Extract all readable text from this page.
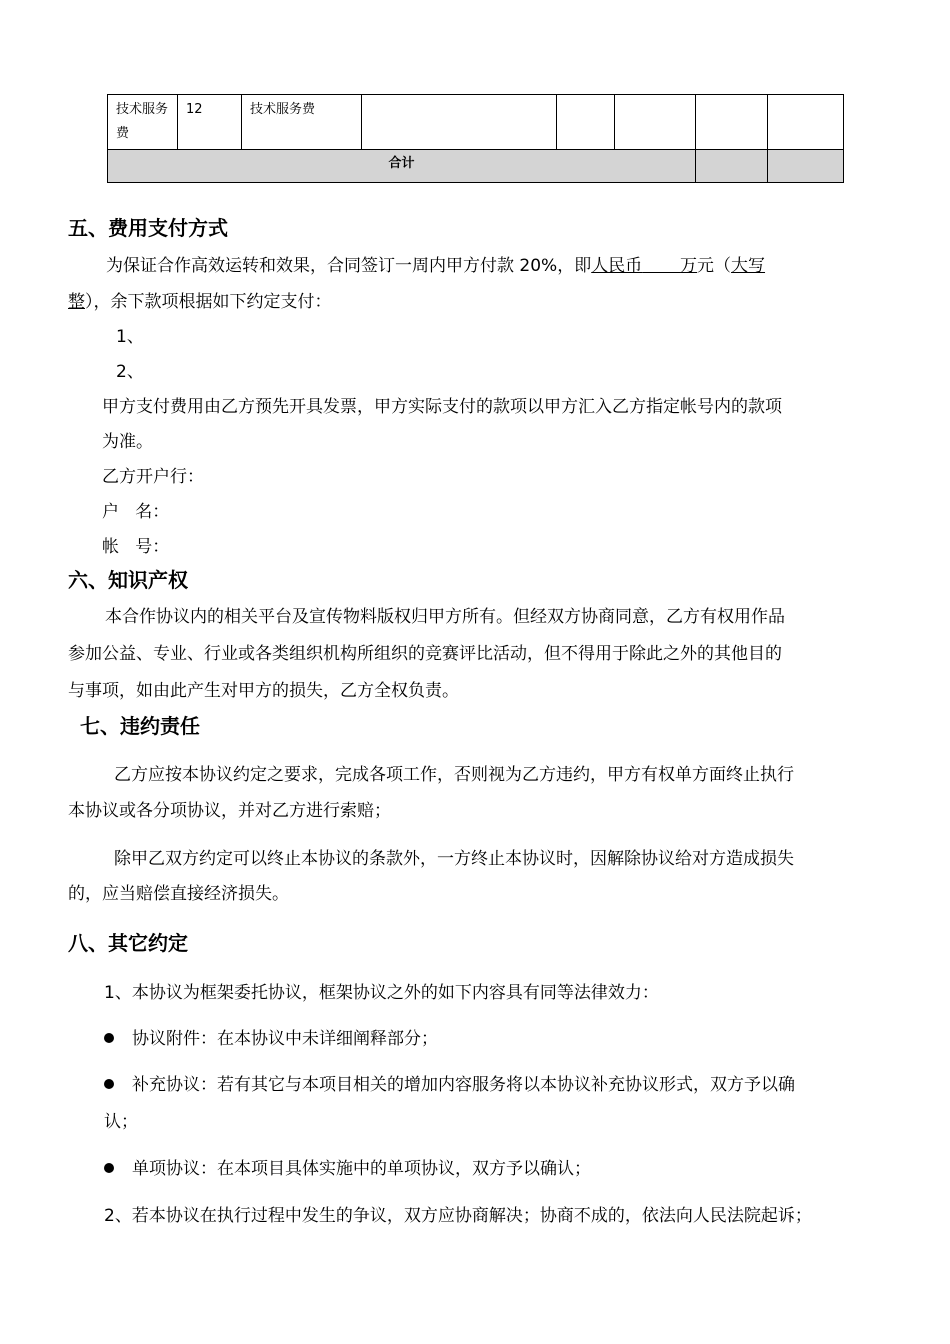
技术服务费	12	技术服务费					
合计							
五、费用支付方式
为保证合作高效运转和效果，合同签订一周内甲方付款 20%，即人民币 万元（大写
整），余下款项根据如下约定支付：
1、
2、
甲方支付费用由乙方预先开具发票，甲方实际支付的款项以甲方汇入乙方指定帐号内的款项
为准。
乙方开户行：
户   名：
帐   号：
六、知识产权
本合作协议内的相关平台及宣传物料版权归甲方所有。但经双方协商同意，乙方有权用作品
参加公益、专业、行业或各类组织机构所组织的竞赛评比活动，但不得用于除此之外的其他目的
与事项，如由此产生对甲方的损失，乙方全权负责。
七、违约责任
乙方应按本协议约定之要求，完成各项工作，否则视为乙方违约，甲方有权单方面终止执行
本协议或各分项协议，并对乙方进行索赔；
除甲乙双方约定可以终止本协议的条款外，一方终止本协议时，因解除协议给对方造成损失
的，应当赔偿直接经济损失。
八、其它约定
1、本协议为框架委托协议，框架协议之外的如下内容具有同等法律效力：
协议附件：在本协议中未详细阐释部分；
补充协议：若有其它与本项目相关的增加内容服务将以本协议补充协议形式，双方予以确
认；
单项协议：在本项目具体实施中的单项协议，双方予以确认；
2、若本协议在执行过程中发生的争议，双方应协商解决；协商不成的，依法向人民法院起诉；
